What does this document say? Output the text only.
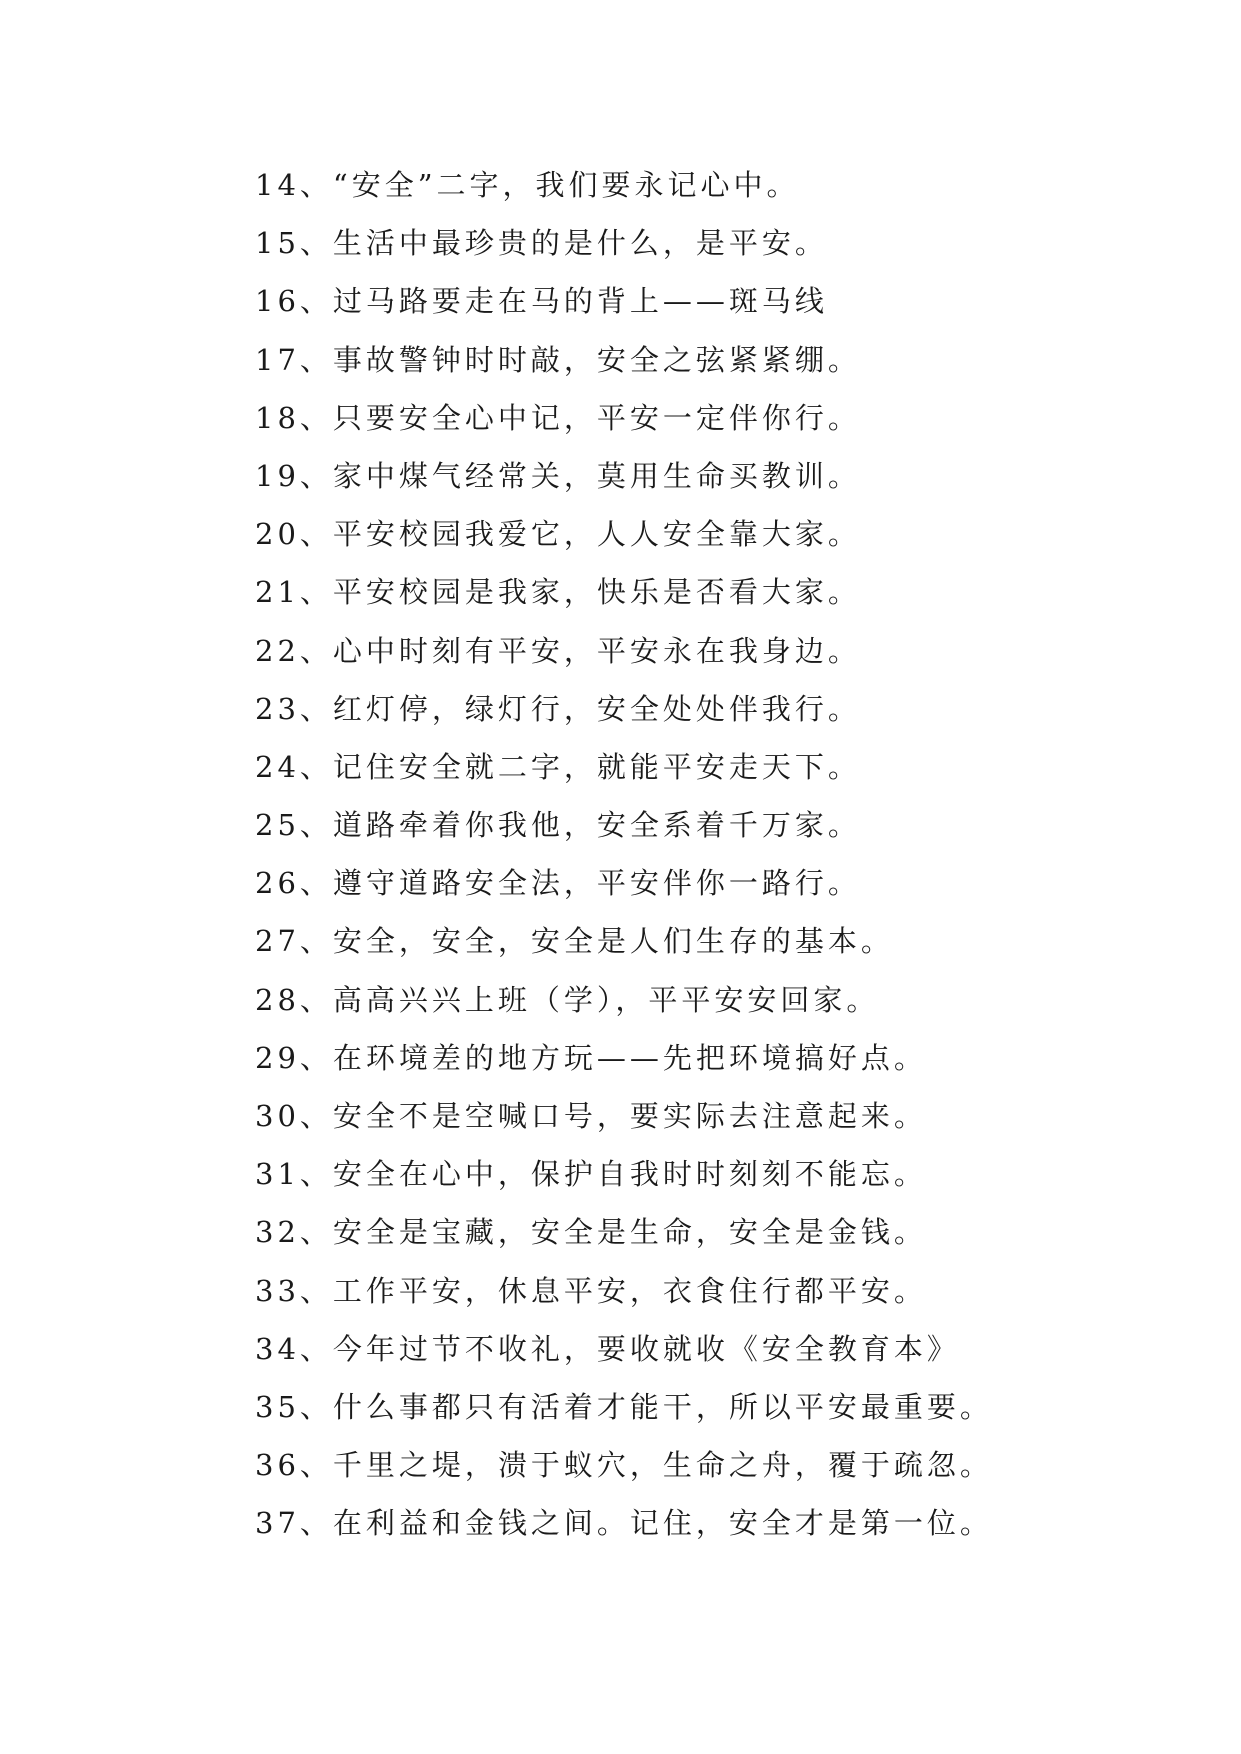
14、“安全”二字，我们要永记心中。
15、生活中最珍贵的是什么，是平安。
16、过马路要走在马的背上——斑马线
17、事故警钟时时敲，安全之弦紧紧绷。
18、只要安全心中记，平安一定伴你行。
19、家中煤气经常关，莫用生命买教训。
20、平安校园我爱它，人人安全靠大家。
21、平安校园是我家，快乐是否看大家。
22、心中时刻有平安，平安永在我身边。
23、红灯停，绿灯行，安全处处伴我行。
24、记住安全就二字，就能平安走天下。
25、道路牵着你我他，安全系着千万家。
26、遵守道路安全法，平安伴你一路行。
27、安全，安全，安全是人们生存的基本。
28、高高兴兴上班（学），平平安安回家。
29、在环境差的地方玩——先把环境搞好点。
30、安全不是空喊口号，要实际去注意起来。
31、安全在心中，保护自我时时刻刻不能忘。
32、安全是宝藏，安全是生命，安全是金钱。
33、工作平安，休息平安，衣食住行都平安。
34、今年过节不收礼，要收就收《安全教育本》
35、什么事都只有活着才能干，所以平安最重要。
36、千里之堤，溃于蚁穴，生命之舟，覆于疏忽。
37、在利益和金钱之间。记住，安全才是第一位。
